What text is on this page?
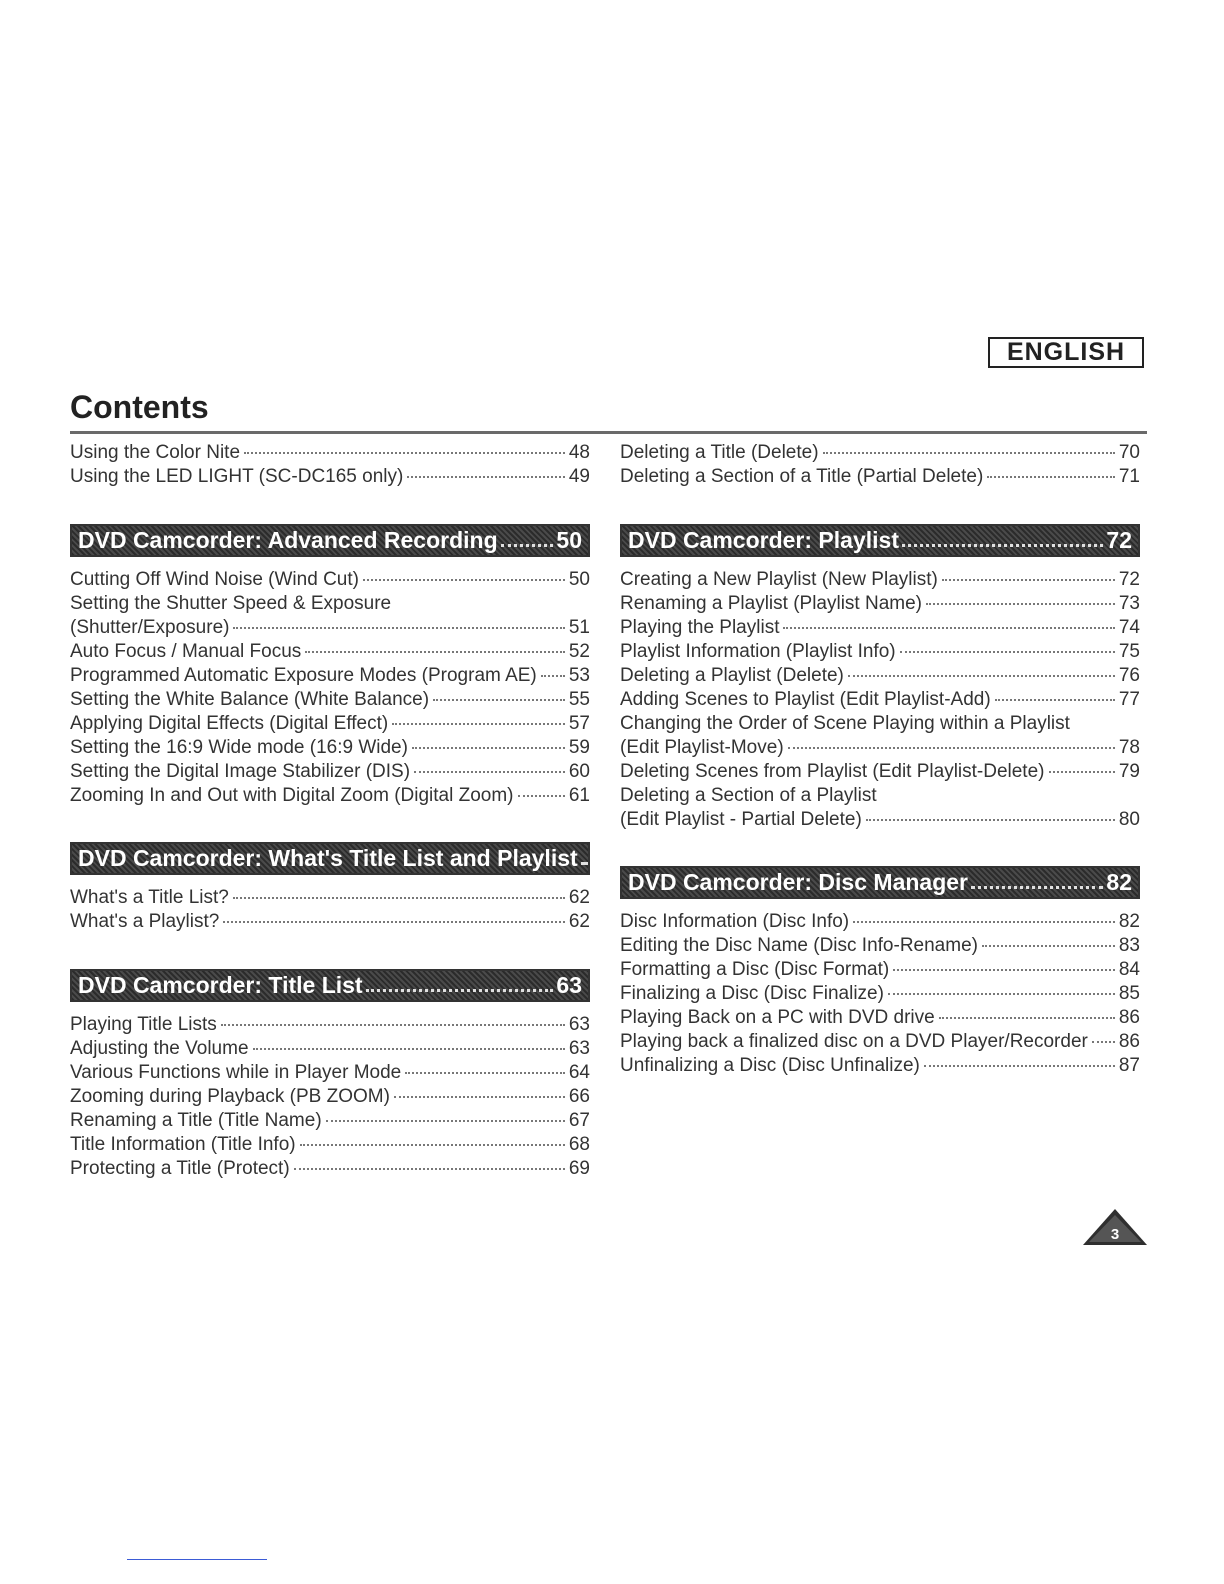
ENGLISH
Contents
Using the Color Nite	48
Using the LED LIGHT (SC-DC165 only)	49
DVD Camcorder: Advanced Recording	50
Cutting Off Wind Noise (Wind Cut)	50
Setting the Shutter Speed & Exposure
(Shutter/Exposure)	51
Auto Focus / Manual Focus	52
Programmed Automatic Exposure Modes (Program AE) 53
Setting the White Balance (White Balance)	55
Applying Digital Effects (Digital Effect)	57
Setting the 16:9 Wide mode (16:9 Wide)	59
Setting the Digital Image Stabilizer (DIS)	60
Zooming In and Out with Digital Zoom (Digital Zoom)	61
DVD Camcorder: What's Title List and Playlist 62
What's a Title List?	62
What's a Playlist?	62
DVD Camcorder: Title List	63
Playing Title Lists	63
Adjusting the Volume	63
Various Functions while in Player Mode	64
Zooming during Playback (PB ZOOM)	66
Renaming a Title (Title Name)	67
Title Information (Title Info)	68
Protecting a Title (Protect)	69
Deleting a Title (Delete)	70
Deleting a Section of a Title (Partial Delete)	71
DVD Camcorder: Playlist	72
Creating a New Playlist (New Playlist)	72
Renaming a Playlist (Playlist Name)	73
Playing the Playlist	74
Playlist Information (Playlist Info)	75
Deleting a Playlist (Delete)	76
Adding Scenes to Playlist (Edit Playlist-Add)	77
Changing the Order of Scene Playing within a Playlist
(Edit Playlist-Move)	78
Deleting Scenes from Playlist (Edit Playlist-Delete)	79
Deleting a Section of a Playlist
(Edit Playlist - Partial Delete)	80
DVD Camcorder: Disc Manager	82
Disc Information (Disc Info)	82
Editing the Disc Name (Disc Info-Rename)	83
Formatting a Disc (Disc Format)	84
Finalizing a Disc (Disc Finalize)	85
Playing Back on a PC with DVD drive	86
Playing back a finalized disc on a DVD Player/Recorder 86
Unfinalizing a Disc (Disc Unfinalize)	87
3
